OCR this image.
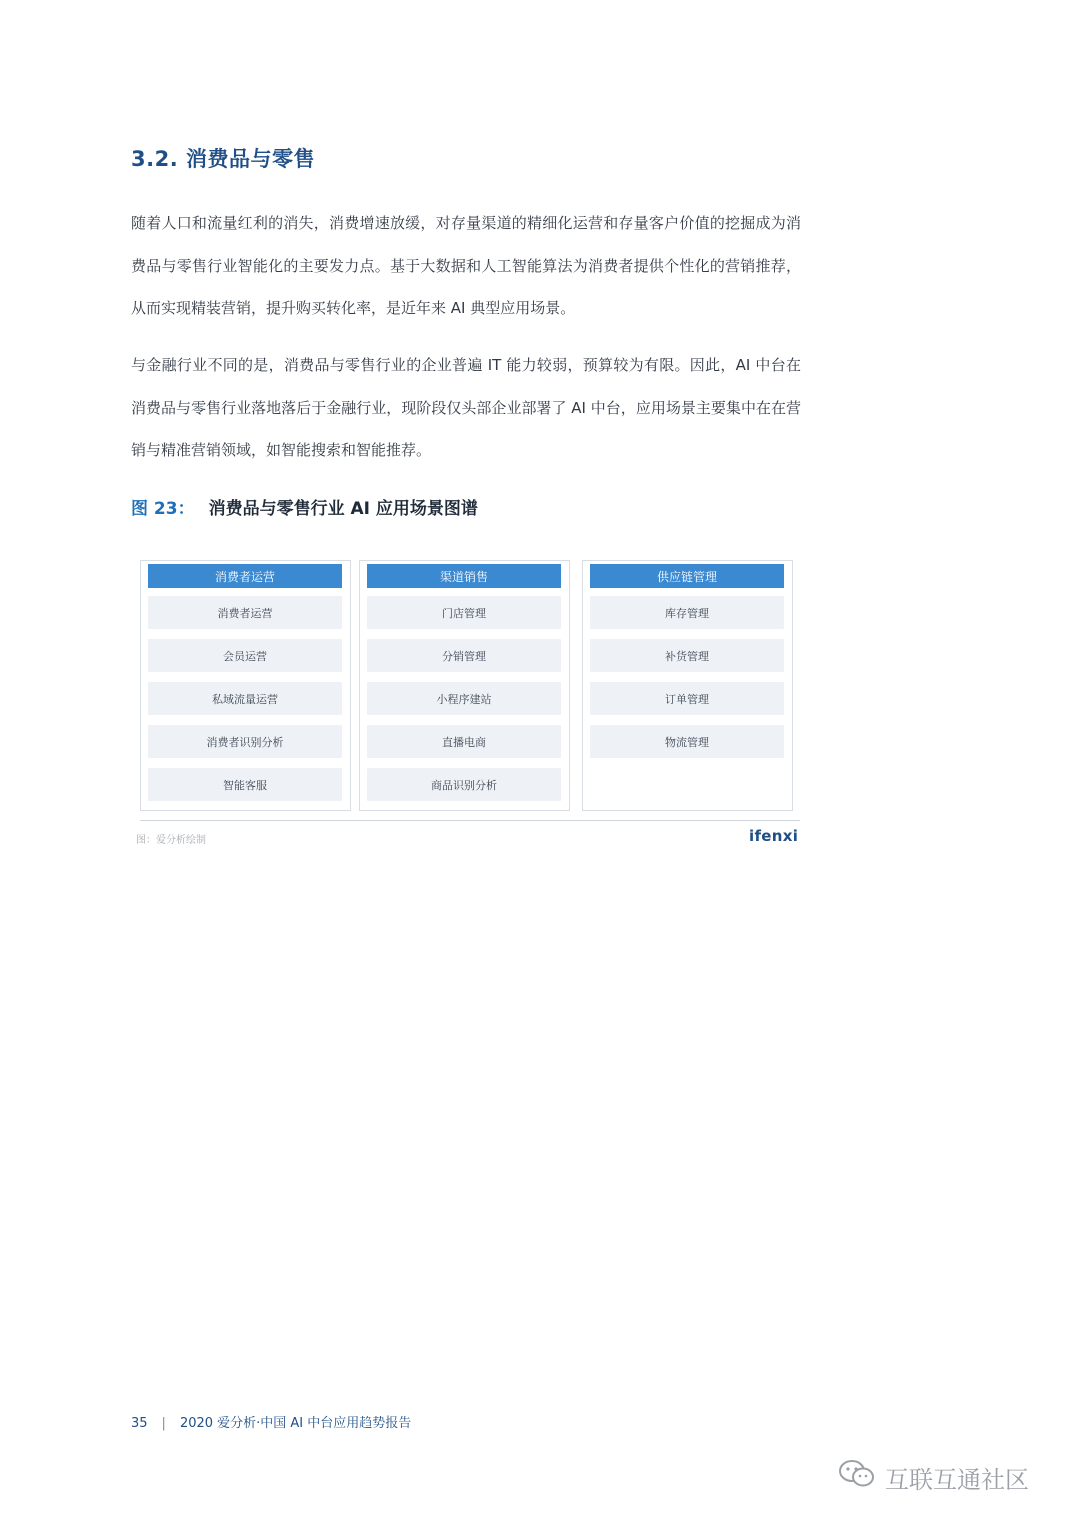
3.2. 消费品与零售

随着人口和流量红利的消失，消费增速放缓，对存量渠道的精细化运营和存量客户价值的挖掘成为消费品与零售行业智能化的主要发力点。基于大数据和人工智能算法为消费者提供个性化的营销推荐，从而实现精装营销，提升购买转化率，是近年来 AI 典型应用场景。

与金融行业不同的是，消费品与零售行业的企业普遍 IT 能力较弱，预算较为有限。因此，AI 中台在消费品与零售行业落地落后于金融行业，现阶段仅头部企业部署了 AI 中台，应用场景主要集中在在营销与精准营销领域，如智能搜索和智能推荐。

图 23： 消费品与零售行业 AI 应用场景图谱

消费者运营
消费者运营
会员运营
私域流量运营
消费者识别分析
智能客服
渠道销售
门店管理
分销管理
小程序建站
直播电商
商品识别分析
供应链管理
库存管理
补货管理
订单管理
物流管理
图：爱分析绘制	ifenxi
35 | 2020 爱分析·中国 AI 中台应用趋势报告
互联互通社区
